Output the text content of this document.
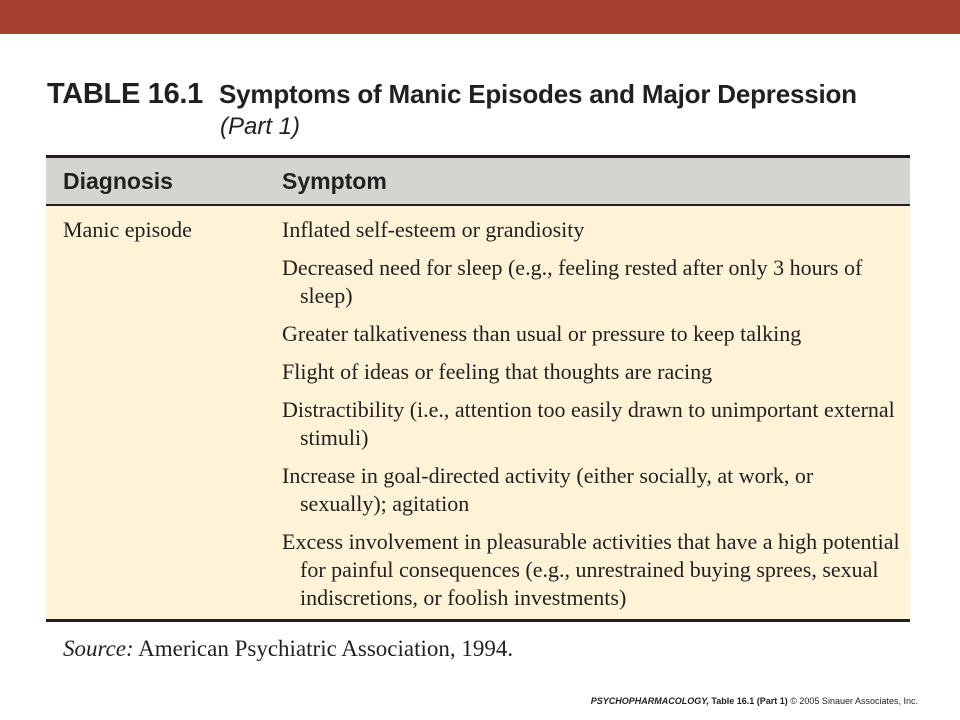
TABLE 16.1 Symptoms of Manic Episodes and Major Depression
(Part 1)
Diagnosis	Symptom
Manic episode	Inflated self-esteem or grandiosity
Decreased need for sleep (e.g., feeling rested after only 3 hours of sleep)
Greater talkativeness than usual or pressure to keep talking
Flight of ideas or feeling that thoughts are racing
Distractibility (i.e., attention too easily drawn to unimportant external stimuli)
Increase in goal-directed activity (either socially, at work, or sexually); agitation
Excess involvement in pleasurable activities that have a high potential for painful consequences (e.g., unrestrained buying sprees, sexual indiscretions, or foolish investments)
Source: American Psychiatric Association, 1994.
PSYCHOPHARMACOLOGY, Table 16.1 (Part 1) © 2005 Sinauer Associates, Inc.
